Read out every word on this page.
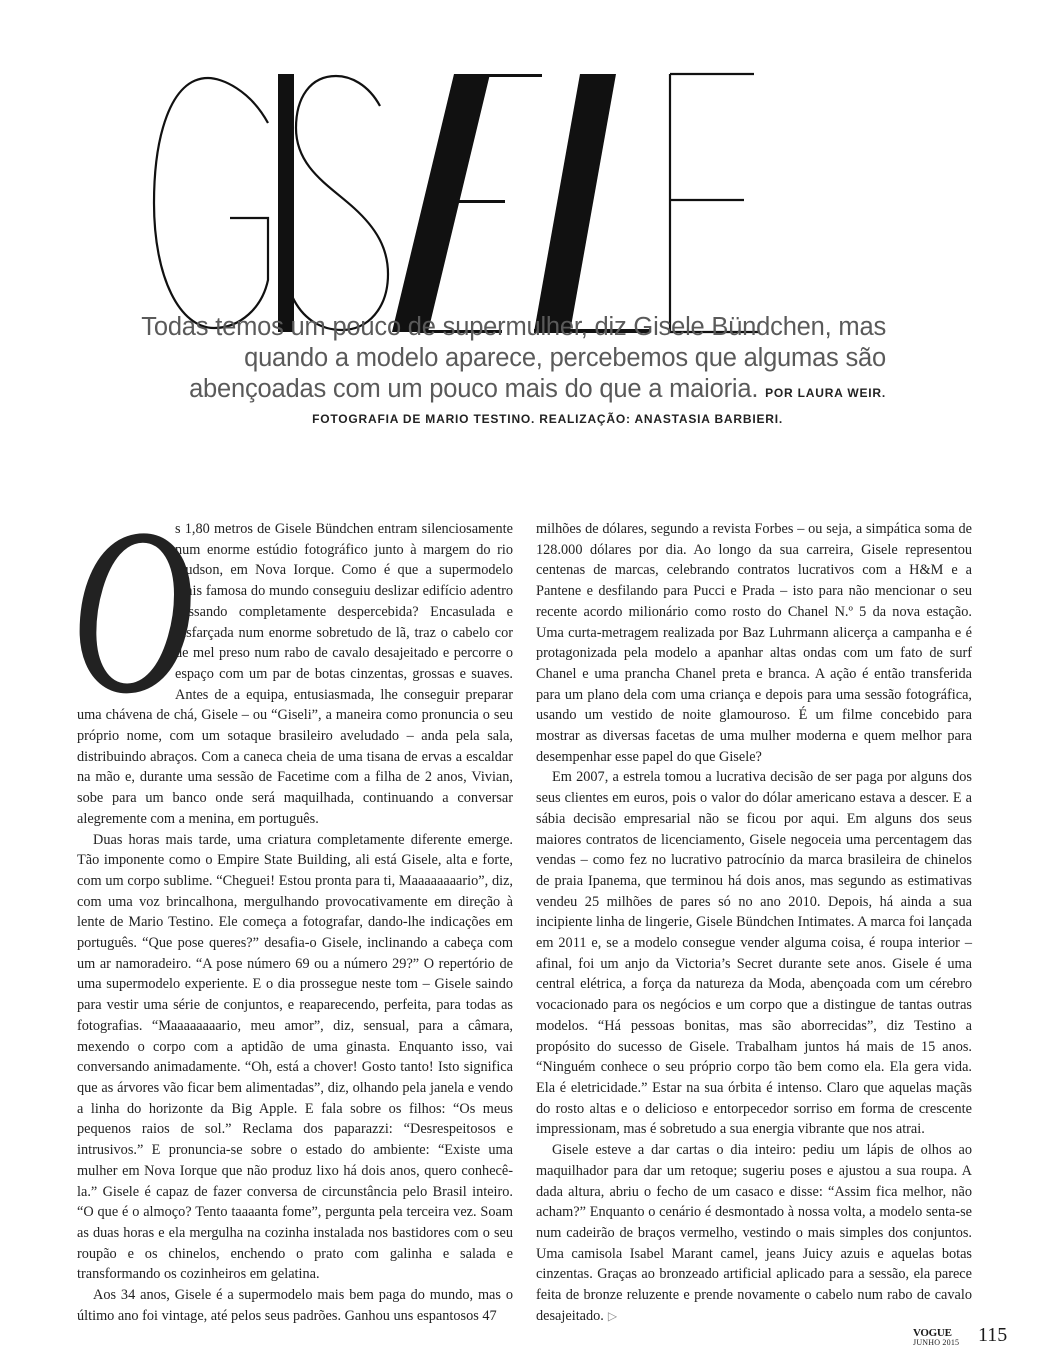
Todas temos um pouco de supermulher, diz Gisele Bündchen, mas quando a modelo aparece, percebemos que algumas são abençoadas com um pouco mais do que a maioria. POR LAURA WEIR.
FOTOGRAFIA DE MARIO TESTINO. REALIZAÇÃO: ANASTASIA BARBIERI.
O

s 1,80 metros de Gisele Bündchen entram silenciosamente num enorme estúdio fotográfico junto à margem do rio Hudson, em Nova Iorque. Como é que a supermodelo mais famosa do mundo conseguiu deslizar edifício adentro passando completamente despercebida? Encasulada e disfarçada num enorme sobretudo de lã, traz o cabelo cor de mel preso num rabo de cavalo desajeitado e percorre o espaço com um par de botas cinzentas, grossas e suaves. Antes de a equipa, entusiasmada, lhe conseguir preparar uma chávena de chá, Gisele – ou “Giseli”, a maneira como pronuncia o seu próprio nome, com um sotaque brasileiro aveludado – anda pela sala, distribuindo abraços. Com a caneca cheia de uma tisana de ervas a escaldar na mão e, durante uma sessão de Facetime com a filha de 2 anos, Vivian, sobe para um banco onde será maquilhada, continuando a conversar alegremente com a menina, em português.

Duas horas mais tarde, uma criatura completamente diferente emerge. Tão imponente como o Empire State Building, ali está Gisele, alta e forte, com um corpo sublime. “Cheguei! Estou pronta para ti, Maaaaaaaario”, diz, com uma voz brincalhona, mergulhando provocativamente em direção à lente de Mario Testino. Ele começa a fotografar, dando-lhe indicações em português. “Que pose queres?” desafia-o Gisele, inclinando a cabeça com um ar namoradeiro. “A pose número 69 ou a número 29?” O repertório de uma supermodelo experiente. E o dia prossegue neste tom – Gisele saindo para vestir uma série de conjuntos, e reaparecendo, perfeita, para todas as fotografias. “Maaaaaaaario, meu amor”, diz, sensual, para a câmara, mexendo o corpo com a aptidão de uma ginasta. Enquanto isso, vai conversando animadamente. “Oh, está a chover! Gosto tanto! Isto significa que as árvores vão ficar bem alimentadas”, diz, olhando pela janela e vendo a linha do horizonte da Big Apple. E fala sobre os filhos: “Os meus pequenos raios de sol.” Reclama dos paparazzi: “Desrespeitosos e intrusivos.” E pronuncia-se sobre o estado do ambiente: “Existe uma mulher em Nova Iorque que não produz lixo há dois anos, quero conhecê-la.” Gisele é capaz de fazer conversa de circunstância pelo Brasil inteiro. “O que é o almoço? Tento taaaanta fome”, pergunta pela terceira vez. Soam as duas horas e ela mergulha na cozinha instalada nos bastidores com o seu roupão e os chinelos, enchendo o prato com galinha e salada e transformando os cozinheiros em gelatina.

Aos 34 anos, Gisele é a supermodelo mais bem paga do mundo, mas o último ano foi vintage, até pelos seus padrões. Ganhou uns espantosos 47

milhões de dólares, segundo a revista Forbes – ou seja, a simpática soma de 128.000 dólares por dia. Ao longo da sua carreira, Gisele representou centenas de marcas, celebrando contratos lucrativos com a H&M e a Pantene e desfilando para Pucci e Prada – isto para não mencionar o seu recente acordo milionário como rosto do Chanel N.º 5 da nova estação. Uma curta-metragem realizada por Baz Luhrmann alicerça a campanha e é protagonizada pela modelo a apanhar altas ondas com um fato de surf Chanel e uma prancha Chanel preta e branca. A ação é então transferida para um plano dela com uma criança e depois para uma sessão fotográfica, usando um vestido de noite glamouroso. É um filme concebido para mostrar as diversas facetas de uma mulher moderna e quem melhor para desempenhar esse papel do que Gisele?

Em 2007, a estrela tomou a lucrativa decisão de ser paga por alguns dos seus clientes em euros, pois o valor do dólar americano estava a descer. E a sábia decisão empresarial não se ficou por aqui. Em alguns dos seus maiores contratos de licenciamento, Gisele negoceia uma percentagem das vendas – como fez no lucrativo patrocínio da marca brasileira de chinelos de praia Ipanema, que terminou há dois anos, mas segundo as estimativas vendeu 25 milhões de pares só no ano 2010. Depois, há ainda a sua incipiente linha de lingerie, Gisele Bündchen Intimates. A marca foi lançada em 2011 e, se a modelo consegue vender alguma coisa, é roupa interior – afinal, foi um anjo da Victoria’s Secret durante sete anos. Gisele é uma central elétrica, a força da natureza da Moda, abençoada com um cérebro vocacionado para os negócios e um corpo que a distingue de tantas outras modelos. “Há pessoas bonitas, mas são aborrecidas”, diz Testino a propósito do sucesso de Gisele. Trabalham juntos há mais de 15 anos. “Ninguém conhece o seu próprio corpo tão bem como ela. Ela gera vida. Ela é eletricidade.” Estar na sua órbita é intenso. Claro que aquelas maçãs do rosto altas e o delicioso e entorpecedor sorriso em forma de crescente impressionam, mas é sobretudo a sua energia vibrante que nos atrai.

Gisele esteve a dar cartas o dia inteiro: pediu um lápis de olhos ao maquilhador para dar um retoque; sugeriu poses e ajustou a sua roupa. A dada altura, abriu o fecho de um casaco e disse: “Assim fica melhor, não acham?” Enquanto o cenário é desmontado à nossa volta, a modelo senta-se num cadeirão de braços vermelho, vestindo o mais simples dos conjuntos. Uma camisola Isabel Marant camel, jeans Juicy azuis e aquelas botas cinzentas. Graças ao bronzeado artificial aplicado para a sessão, ela parece feita de bronze reluzente e prende novamente o cabelo num rabo de cavalo desajeitado. ▷

VOGUE
JUNHO 2015 115
